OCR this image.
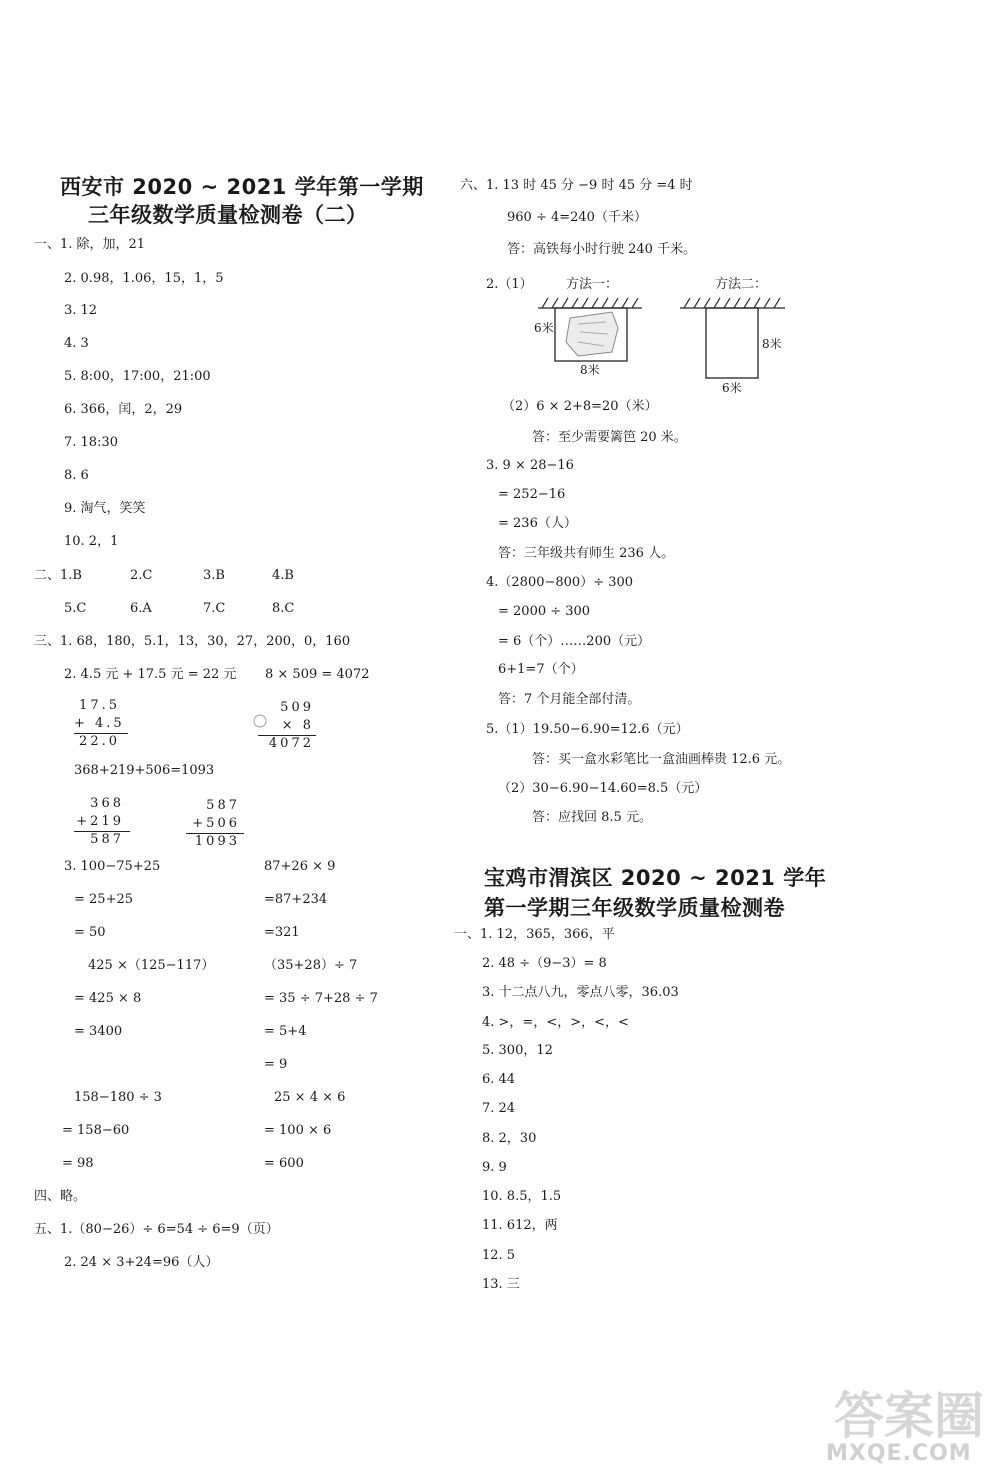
西安市 2020 ~ 2021 学年第一学期
三年级数学质量检测卷（二）
一、1. 除，加，21
2. 0.98，1.06，15，1，5
3. 12
4. 3
5. 8:00，17:00，21:00
6. 366，闰，2，29
7. 18:30
8. 6
9. 淘气，笑笑
10. 2，1
二、1.B	2.C	3.B	4.B
5.C	6.A	7.C	8.C
三、1. 68，180，5.1，13，30，27，200，0，160
2. 4.5 元 + 17.5 元 = 22 元 8 × 509 = 4072
17.5
+ 4.5
22.0
509
× 8
4072
368+219+506=1093
368
+219
587
587
+506
1093
3. 100−75+25
= 25+25
= 50
87+26 × 9
=87+234
=321
425 ×（125−117）
= 425 × 8
= 3400
（35+28）÷ 7
= 35 ÷ 7+28 ÷ 7
= 5+4
= 9
158−180 ÷ 3
= 158−60
= 98
25 × 4 × 6
= 100 × 6
= 600
四、略。
五、1.（80−26）÷ 6=54 ÷ 6=9（页）
2. 24 × 3+24=96（人）
六、1. 13 时 45 分 −9 时 45 分 =4 时
960 ÷ 4=240（千米）
答：高铁每小时行驶 240 千米。
2.（1）	方法一：	方法二：
6米
8米
8米
6米
（2）6 × 2+8=20（米）
答：至少需要篱笆 20 米。
3. 9 × 28−16
= 252−16
= 236（人）
答：三年级共有师生 236 人。
4.（2800−800）÷ 300
= 2000 ÷ 300
= 6（个）……200（元）
6+1=7（个）
答：7 个月能全部付清。
5.（1）19.50−6.90=12.6（元）
答：买一盒水彩笔比一盒油画棒贵 12.6 元。
（2）30−6.90−14.60=8.5（元）
答：应找回 8.5 元。
宝鸡市渭滨区 2020 ~ 2021 学年
第一学期三年级数学质量检测卷
一、1. 12，365，366，平
2. 48 ÷（9−3）= 8
3. 十二点八九，零点八零，36.03
4. >，=，<，>，<，<
5. 300，12
6. 44
7. 24
8. 2，30
9. 9
10. 8.5，1.5
11. 612，两
12. 5
13. 三
答案圈
MXQE.COM
